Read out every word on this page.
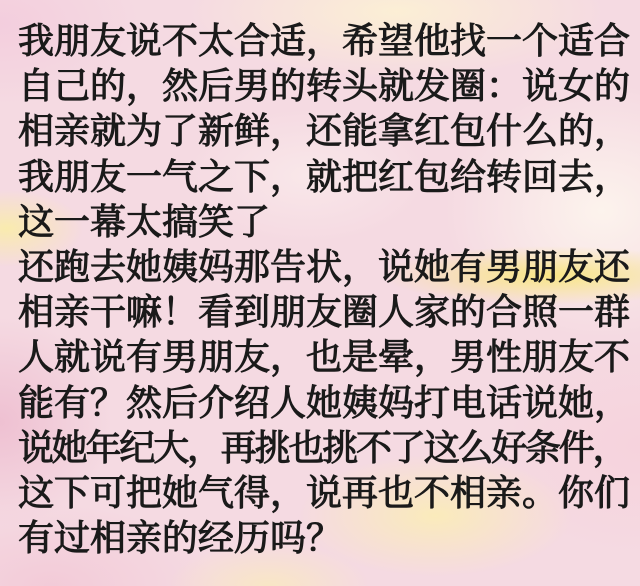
我朋友说不太合适，希望他找一个适合

自己的，然后男的转头就发圈：说女的

相亲就为了新鲜，还能拿红包什么的，

我朋友一气之下，就把红包给转回去，

这一幕太搞笑了

还跑去她姨妈那告状，说她有男朋友还

相亲干嘛！看到朋友圈人家的合照一群

人就说有男朋友，也是晕，男性朋友不

能有？然后介绍人她姨妈打电话说她，

说她年纪大，再挑也挑不了这么好条件，

这下可把她气得，说再也不相亲。你们

有过相亲的经历吗？
